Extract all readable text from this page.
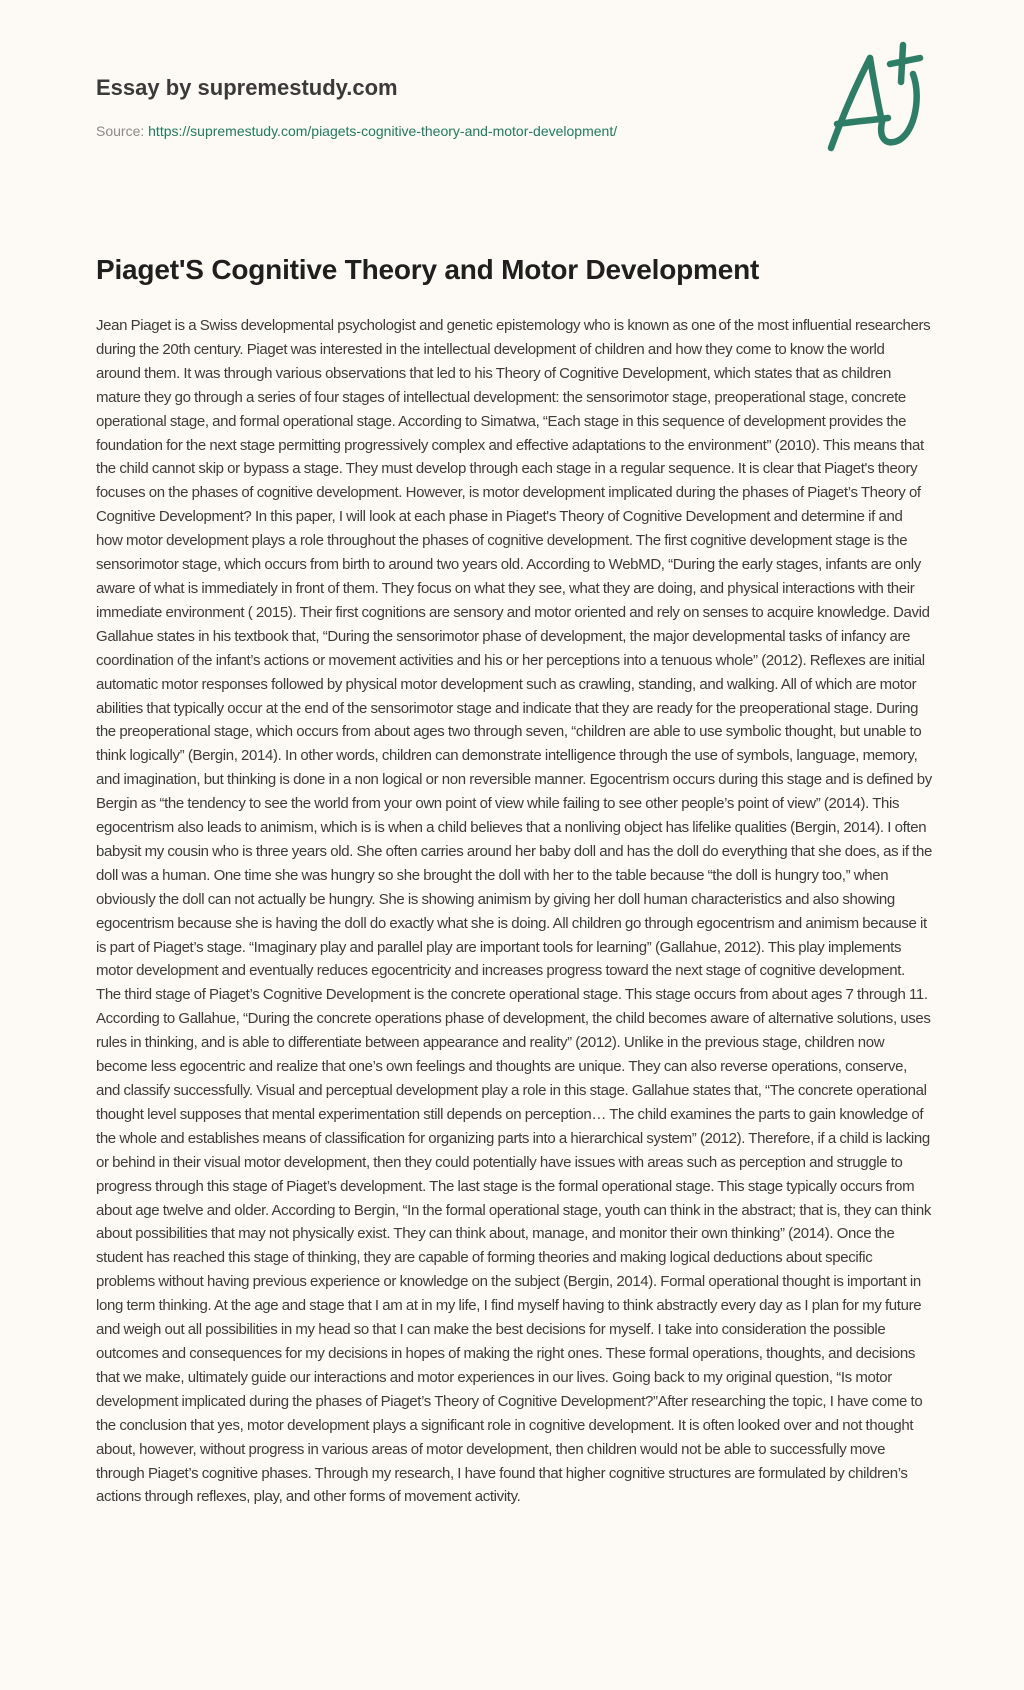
Essay by supremestudy.com
Source: https://supremestudy.com/piagets-cognitive-theory-and-motor-development/
Piaget'S Cognitive Theory and Motor Development

Jean Piaget is a Swiss developmental psychologist and genetic epistemology who is known as one of the most influential researchers during the 20th century. Piaget was interested in the intellectual development of children and how they come to know the world around them. It was through various observations that led to his Theory of Cognitive Development, which states that as children mature they go through a series of four stages of intellectual development: the sensorimotor stage, preoperational stage, concrete operational stage, and formal operational stage. According to Simatwa, “Each stage in this sequence of development provides the foundation for the next stage permitting progressively complex and effective adaptations to the environment” (2010). This means that the child cannot skip or bypass a stage. They must develop through each stage in a regular sequence. It is clear that Piaget's theory focuses on the phases of cognitive development. However, is motor development implicated during the phases of Piaget’s Theory of Cognitive Development? In this paper, I will look at each phase in Piaget's Theory of Cognitive Development and determine if and how motor development plays a role throughout the phases of cognitive development. The first cognitive development stage is the sensorimotor stage, which occurs from birth to around two years old. According to WebMD, “During the early stages, infants are only aware of what is immediately in front of them. They focus on what they see, what they are doing, and physical interactions with their immediate environment ( 2015). Their first cognitions are sensory and motor oriented and rely on senses to acquire knowledge. David Gallahue states in his textbook that, “During the sensorimotor phase of development, the major developmental tasks of infancy are coordination of the infant’s actions or movement activities and his or her perceptions into a tenuous whole” (2012). Reflexes are initial automatic motor responses followed by physical motor development such as crawling, standing, and walking. All of which are motor abilities that typically occur at the end of the sensorimotor stage and indicate that they are ready for the preoperational stage. During the preoperational stage, which occurs from about ages two through seven, “children are able to use symbolic thought, but unable to think logically” (Bergin, 2014). In other words, children can demonstrate intelligence through the use of symbols, language, memory, and imagination, but thinking is done in a non logical or non reversible manner. Egocentrism occurs during this stage and is defined by Bergin as “the tendency to see the world from your own point of view while failing to see other people’s point of view” (2014). This egocentrism also leads to animism, which is is when a child believes that a nonliving object has lifelike qualities (Bergin, 2014). I often babysit my cousin who is three years old. She often carries around her baby doll and has the doll do everything that she does, as if the doll was a human. One time she was hungry so she brought the doll with her to the table because “the doll is hungry too,” when obviously the doll can not actually be hungry. She is showing animism by giving her doll human characteristics and also showing egocentrism because she is having the doll do exactly what she is doing. All children go through egocentrism and animism because it is part of Piaget’s stage. “Imaginary play and parallel play are important tools for learning” (Gallahue, 2012). This play implements motor development and eventually reduces egocentricity and increases progress toward the next stage of cognitive development. The third stage of Piaget’s Cognitive Development is the concrete operational stage. This stage occurs from about ages 7 through 11. According to Gallahue, “During the concrete operations phase of development, the child becomes aware of alternative solutions, uses rules in thinking, and is able to differentiate between appearance and reality” (2012). Unlike in the previous stage, children now become less egocentric and realize that one’s own feelings and thoughts are unique. They can also reverse operations, conserve, and classify successfully. Visual and perceptual development play a role in this stage. Gallahue states that, “The concrete operational thought level supposes that mental experimentation still depends on perception… The child examines the parts to gain knowledge of the whole and establishes means of classification for organizing parts into a hierarchical system” (2012). Therefore, if a child is lacking or behind in their visual motor development, then they could potentially have issues with areas such as perception and struggle to progress through this stage of Piaget’s development. The last stage is the formal operational stage. This stage typically occurs from about age twelve and older. According to Bergin, “In the formal operational stage, youth can think in the abstract; that is, they can think about possibilities that may not physically exist. They can think about, manage, and monitor their own thinking” (2014). Once the student has reached this stage of thinking, they are capable of forming theories and making logical deductions about specific problems without having previous experience or knowledge on the subject (Bergin, 2014). Formal operational thought is important in long term thinking. At the age and stage that I am at in my life, I find myself having to think abstractly every day as I plan for my future and weigh out all possibilities in my head so that I can make the best decisions for myself. I take into consideration the possible outcomes and consequences for my decisions in hopes of making the right ones. These formal operations, thoughts, and decisions that we make, ultimately guide our interactions and motor experiences in our lives. Going back to my original question, “Is motor development implicated during the phases of Piaget’s Theory of Cognitive Development?”After researching the topic, I have come to the conclusion that yes, motor development plays a significant role in cognitive development. It is often looked over and not thought about, however, without progress in various areas of motor development, then children would not be able to successfully move through Piaget’s cognitive phases. Through my research, I have found that higher cognitive structures are formulated by children’s actions through reflexes, play, and other forms of movement activity.
